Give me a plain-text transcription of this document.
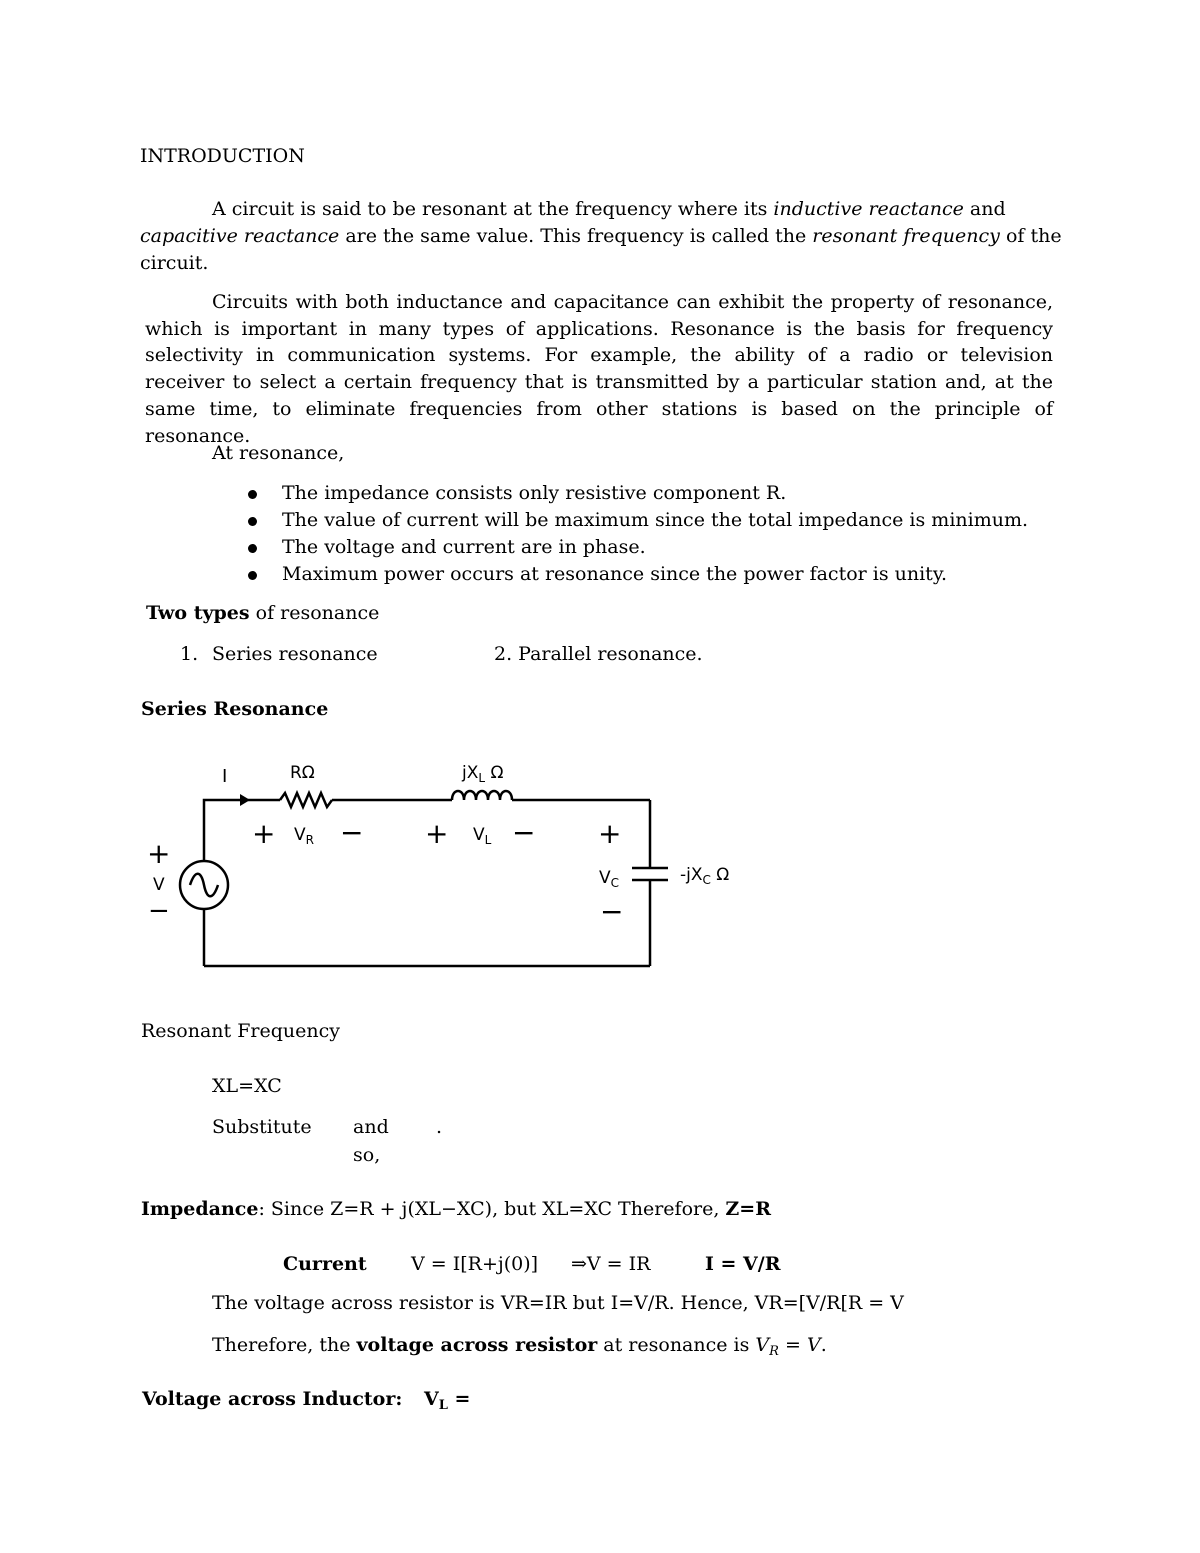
INTRODUCTION
A circuit is said to be resonant at the frequency where its inductive reactance and
capacitive reactance are the same value. This frequency is called the resonant frequency of the
circuit.
Circuits with both inductance and capacitance can exhibit the property of resonance, which is important in many types of applications. Resonance is the basis for frequency selectivity in communication systems. For example, the ability of a radio or television receiver to select a certain frequency that is transmitted by a particular station and, at the same time, to eliminate frequencies from other stations is based on the principle of resonance.
At resonance,
The impedance consists only resistive component R.
The value of current will be maximum since the total impedance is minimum.
The voltage and current are in phase.
Maximum power occurs at resonance since the power factor is unity.
Two types of resonance
1. Series resonance	2. Parallel resonance.
Series Resonance
I	RΩ	$jX_L$ Ω
+ $V_R$ − + $V_L$ − +
$V_C$
−
$-jX_C$ Ω
+
V
−
Resonant Frequency
XL=XC
Substitute and .
so,
Impedance: Since Z=R + j(XL−XC), but XL=XC Therefore, Z=R
Current V = I[R+j(0)] ⇒V = IR	I = V/R
The voltage across resistor is VR=IR but I=V/R. Hence, VR=[V/R[R = V
Therefore, the voltage across resistor at resonance is $V_R = V$.
Voltage across Inductor: $V_L$ =
